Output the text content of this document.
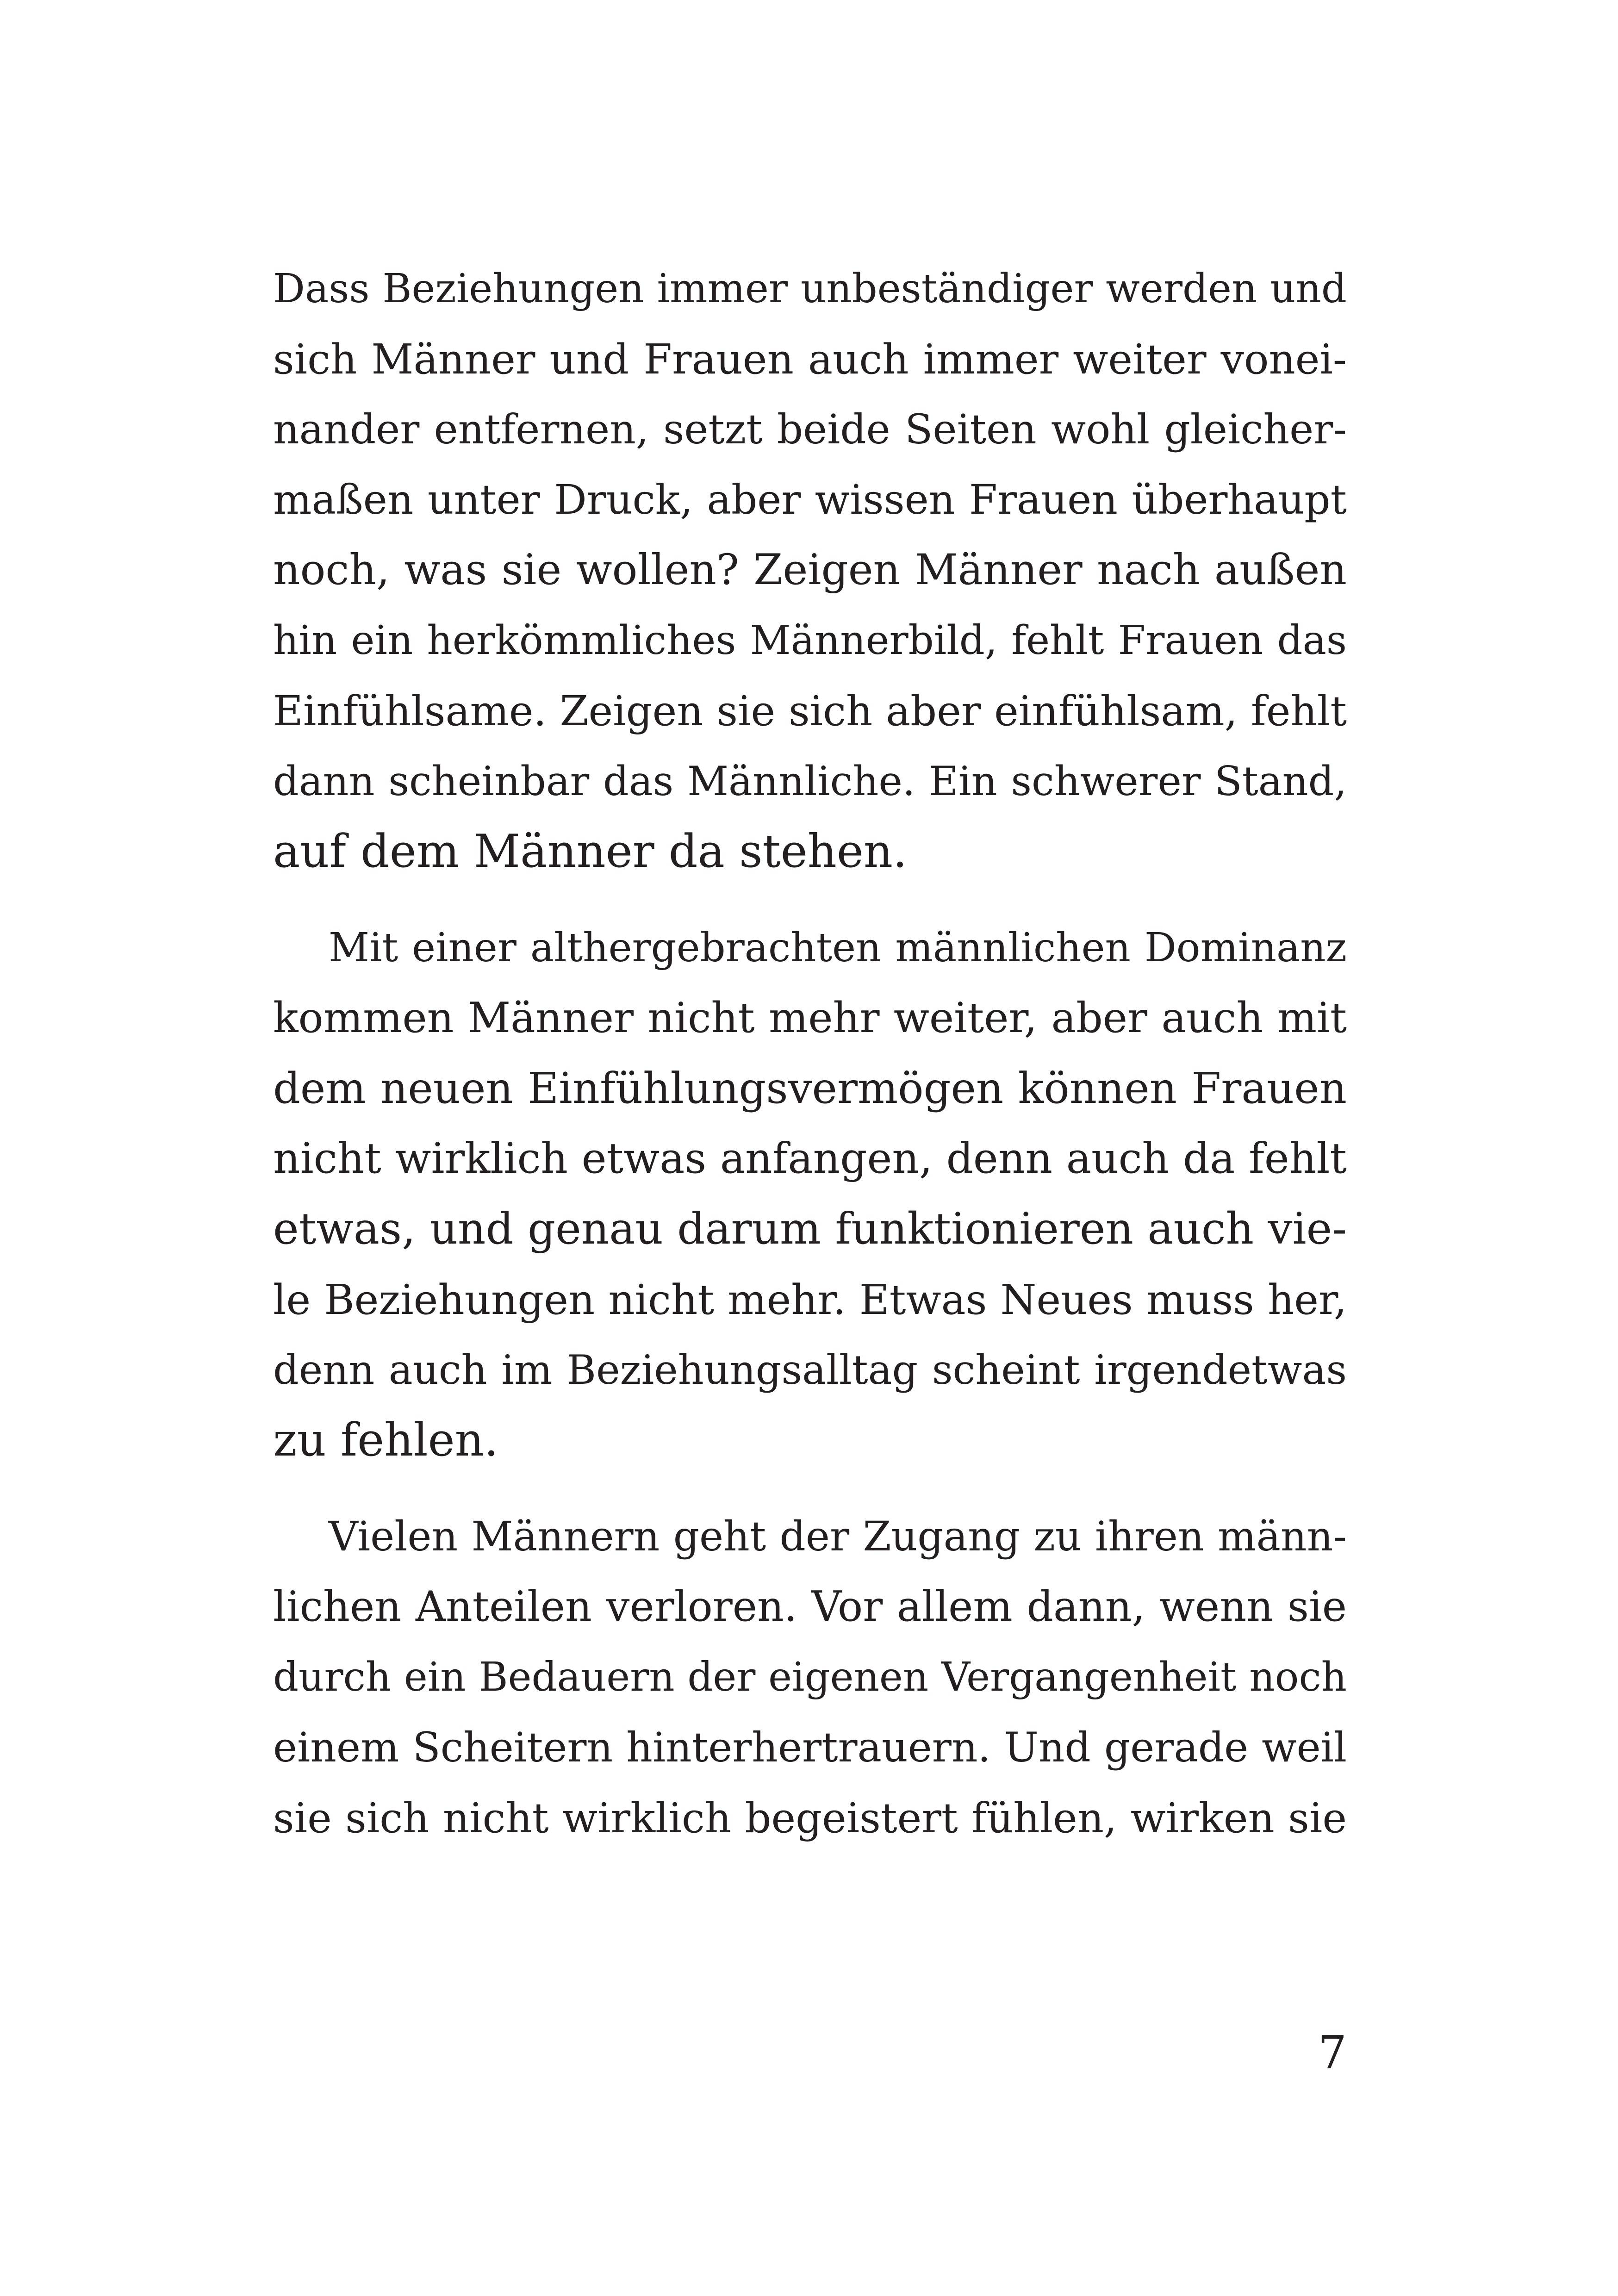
Dass Beziehungen immer unbeständiger werden und
sich Männer und Frauen auch immer weiter vonei-
nander entfernen, setzt beide Seiten wohl gleicher-
maßen unter Druck, aber wissen Frauen überhaupt
noch, was sie wollen? Zeigen Männer nach außen
hin ein herkömmliches Männerbild, fehlt Frauen das
Einfühlsame. Zeigen sie sich aber einfühlsam, fehlt
dann scheinbar das Männliche. Ein schwerer Stand,
auf dem Männer da stehen.
Mit einer althergebrachten männlichen Dominanz
kommen Männer nicht mehr weiter, aber auch mit
dem neuen Einfühlungsvermögen können Frauen
nicht wirklich etwas anfangen, denn auch da fehlt
etwas, und genau darum funktionieren auch vie-
le Beziehungen nicht mehr. Etwas Neues muss her,
denn auch im Beziehungsalltag scheint irgendetwas
zu fehlen.
Vielen Männern geht der Zugang zu ihren männ-
lichen Anteilen verloren. Vor allem dann, wenn sie
durch ein Bedauern der eigenen Vergangenheit noch
einem Scheitern hinterhertrauern. Und gerade weil
sie sich nicht wirklich begeistert fühlen, wirken sie
7
